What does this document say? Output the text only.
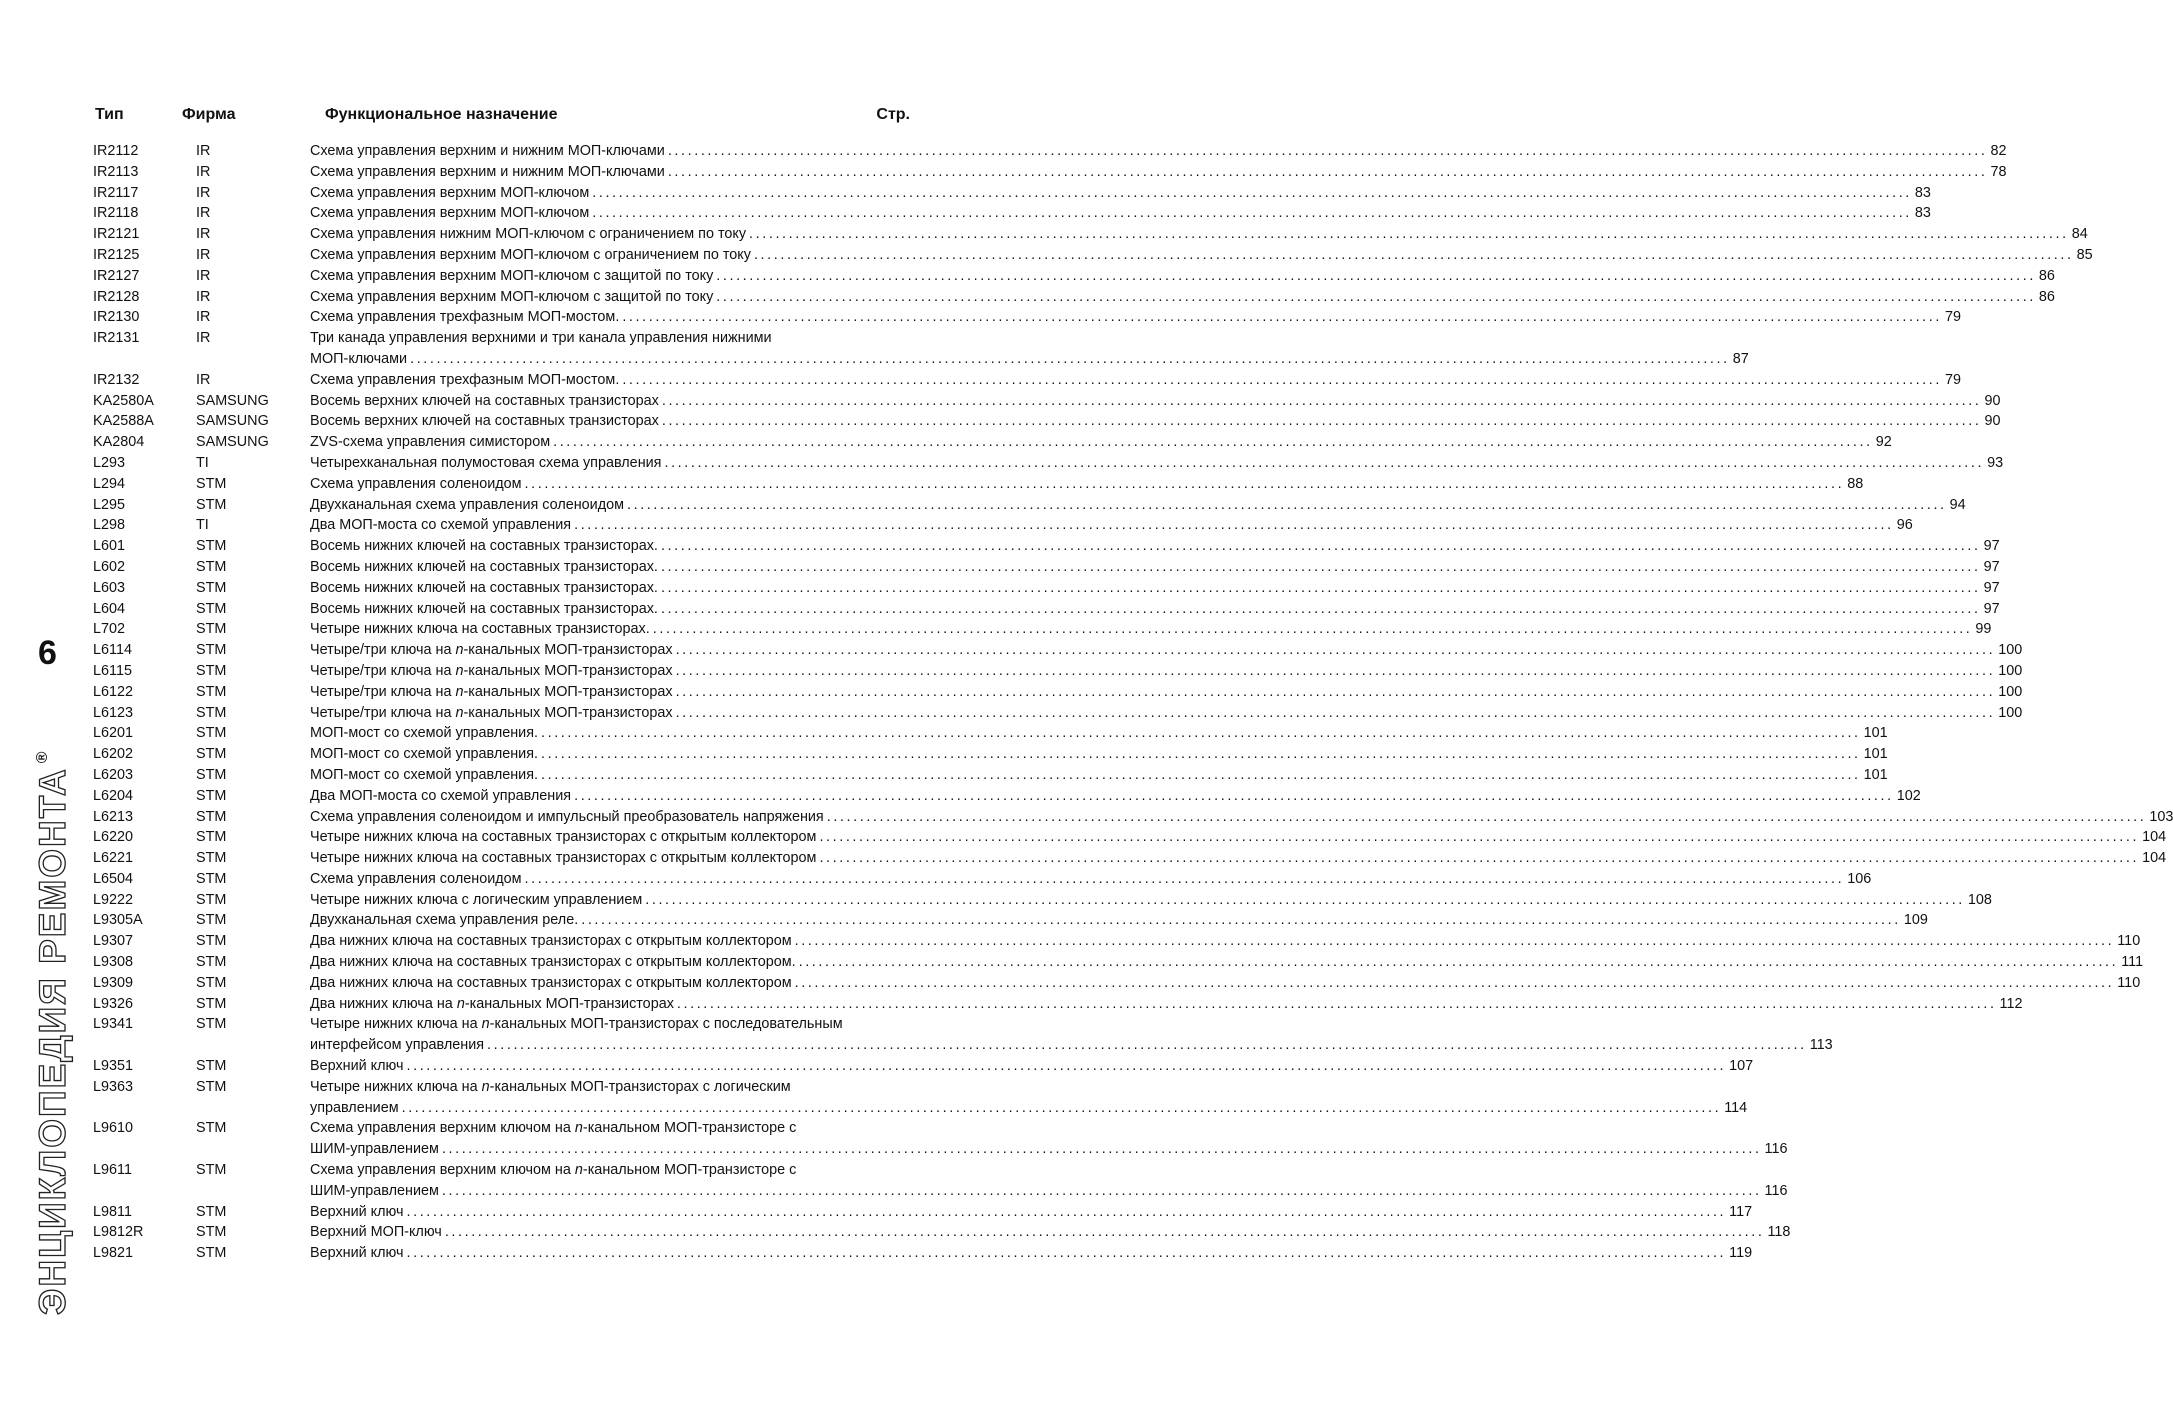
6
ЭНЦИКЛОПЕДИЯ РЕМОНТА®
Тип	Фирма	Функциональное назначение	Стр.
IR2112	IR	Схема управления верхним и нижним МОП-ключами ........................................................................................................................................................................................................ 82
IR2113	IR	Схема управления верхним и нижним МОП-ключами ........................................................................................................................................................................................................ 78
IR2117	IR	Схема управления верхним МОП-ключом ........................................................................................................................................................................................................ 83
IR2118	IR	Схема управления верхним МОП-ключом ........................................................................................................................................................................................................ 83
IR2121	IR	Схема управления нижним МОП-ключом с ограничением по току ........................................................................................................................................................................................................ 84
IR2125	IR	Схема управления верхним МОП-ключом с ограничением по току ........................................................................................................................................................................................................ 85
IR2127	IR	Схема управления верхним МОП-ключом с защитой по току ........................................................................................................................................................................................................ 86
IR2128	IR	Схема управления верхним МОП-ключом с защитой по току ........................................................................................................................................................................................................ 86
IR2130	IR	Схема управления трехфазным МОП-мостом. ........................................................................................................................................................................................................ 79
IR2131	IR	Три канада управления верхними и три канала управления нижними
МОП-ключами ........................................................................................................................................................................................................ 87
IR2132	IR	Схема управления трехфазным МОП-мостом. ........................................................................................................................................................................................................ 79
KA2580A	SAMSUNG	Восемь верхних ключей на составных транзисторах ........................................................................................................................................................................................................ 90
KA2588A	SAMSUNG	Восемь верхних ключей на составных транзисторах ........................................................................................................................................................................................................ 90
KA2804	SAMSUNG	ZVS-схема управления симистором ........................................................................................................................................................................................................ 92
L293	TI	Четырехканальная полумостовая схема управления ........................................................................................................................................................................................................ 93
L294	STM	Схема управления соленоидом ........................................................................................................................................................................................................ 88
L295	STM	Двухканальная схема управления соленоидом ........................................................................................................................................................................................................ 94
L298	TI	Два МОП-моста со схемой управления ........................................................................................................................................................................................................ 96
L601	STM	Восемь нижних ключей на составных транзисторах. ........................................................................................................................................................................................................ 97
L602	STM	Восемь нижних ключей на составных транзисторах. ........................................................................................................................................................................................................ 97
L603	STM	Восемь нижних ключей на составных транзисторах. ........................................................................................................................................................................................................ 97
L604	STM	Восемь нижних ключей на составных транзисторах. ........................................................................................................................................................................................................ 97
L702	STM	Четыре нижних ключа на составных транзисторах. ........................................................................................................................................................................................................ 99
L6114	STM	Четыре/три ключа на n-канальных МОП-транзисторах ........................................................................................................................................................................................................ 100
L6115	STM	Четыре/три ключа на n-канальных МОП-транзисторах ........................................................................................................................................................................................................ 100
L6122	STM	Четыре/три ключа на n-канальных МОП-транзисторах ........................................................................................................................................................................................................ 100
L6123	STM	Четыре/три ключа на n-канальных МОП-транзисторах ........................................................................................................................................................................................................ 100
L6201	STM	МОП-мост со схемой управления. ........................................................................................................................................................................................................ 101
L6202	STM	МОП-мост со схемой управления. ........................................................................................................................................................................................................ 101
L6203	STM	МОП-мост со схемой управления. ........................................................................................................................................................................................................ 101
L6204	STM	Два МОП-моста со схемой управления ........................................................................................................................................................................................................ 102
L6213	STM	Схема управления соленоидом и импульсный преобразователь напряжения ........................................................................................................................................................................................................ 103
L6220	STM	Четыре нижних ключа на составных транзисторах с открытым коллектором ........................................................................................................................................................................................................ 104
L6221	STM	Четыре нижних ключа на составных транзисторах с открытым коллектором ........................................................................................................................................................................................................ 104
L6504	STM	Схема управления соленоидом ........................................................................................................................................................................................................ 106
L9222	STM	Четыре нижних ключа с логическим управлением ........................................................................................................................................................................................................ 108
L9305A	STM	Двухканальная схема управления реле. ........................................................................................................................................................................................................ 109
L9307	STM	Два нижних ключа на составных транзисторах с открытым коллектором ........................................................................................................................................................................................................ 110
L9308	STM	Два нижних ключа на составных транзисторах с открытым коллектором. ........................................................................................................................................................................................................ 111
L9309	STM	Два нижних ключа на составных транзисторах с открытым коллектором ........................................................................................................................................................................................................ 110
L9326	STM	Два нижних ключа на n-канальных МОП-транзисторах ........................................................................................................................................................................................................ 112
L9341	STM	Четыре нижних ключа на n-канальных МОП-транзисторах с последовательным
интерфейсом управления ........................................................................................................................................................................................................ 113
L9351	STM	Верхний ключ ........................................................................................................................................................................................................ 107
L9363	STM	Четыре нижних ключа на n-канальных МОП-транзисторах с логическим
управлением ........................................................................................................................................................................................................ 114
L9610	STM	Схема управления верхним ключом на n-канальном МОП-транзисторе с
ШИМ-управлением ........................................................................................................................................................................................................ 116
L9611	STM	Схема управления верхним ключом на n-канальном МОП-транзисторе с
ШИМ-управлением ........................................................................................................................................................................................................ 116
L9811	STM	Верхний ключ ........................................................................................................................................................................................................ 117
L9812R	STM	Верхний МОП-ключ ........................................................................................................................................................................................................ 118
L9821	STM	Верхний ключ ........................................................................................................................................................................................................ 119
